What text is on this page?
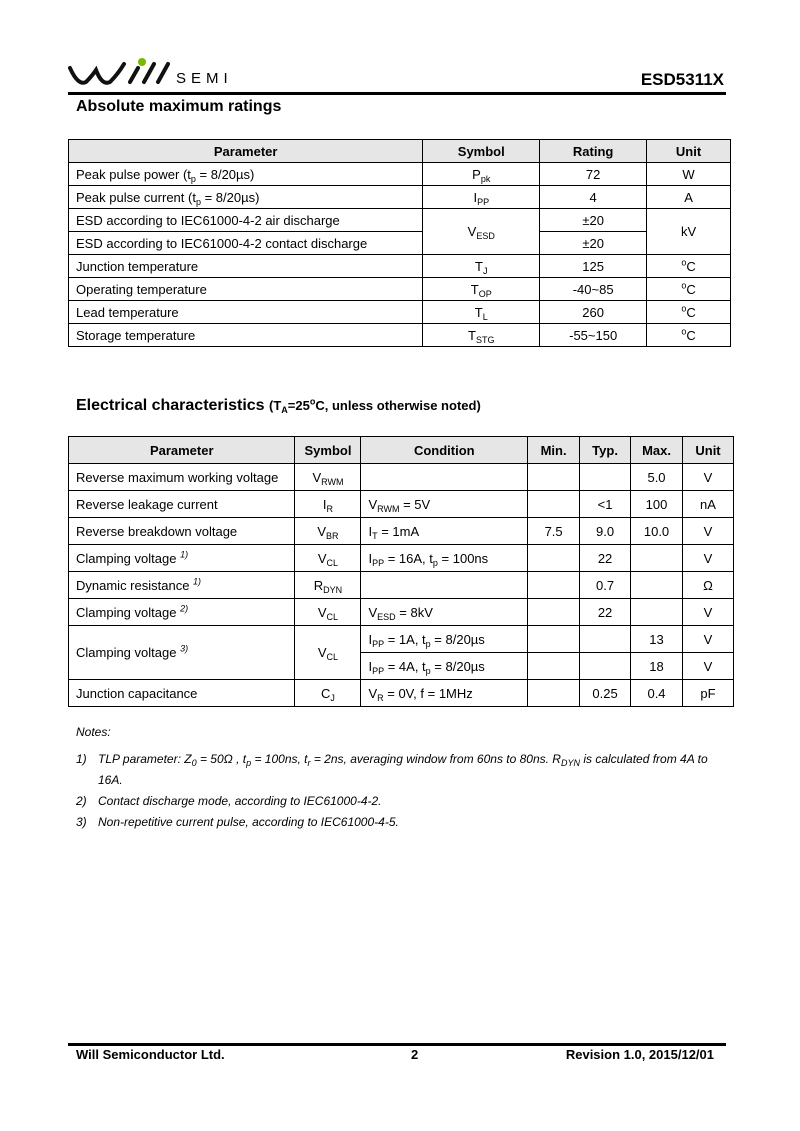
SEMI	ESD5311X
Absolute maximum ratings
Parameter	Symbol	Rating	Unit
Peak pulse power $(t_p = 8/20\mu s)$	$P_{pk}$	72	W
Peak pulse current $(t_p = 8/20\mu s)$	$I_{PP}$	4	A
ESD according to IEC61000-4-2 air discharge	$V_{ESD}$	±20	kV
ESD according to IEC61000-4-2 contact discharge		±20	
Junction temperature	$T_J$	125	$^o$C
Operating temperature	$T_{OP}$	-40~85	$^o$C
Lead temperature	$T_L$	260	$^o$C
Storage temperature	$T_{STG}$	-55~150	$^o$C
Electrical characteristics ($T_A=25^oC$, unless otherwise noted)
Parameter	Symbol	Condition	Min.	Typ.	Max.	Unit
Reverse maximum working voltage	$V_{RWM}$				5.0	V
Reverse leakage current	$I_R$	$V_{RWM} = 5V$		<1	100	nA
Reverse breakdown voltage	$V_{BR}$	$I_T = 1mA$	7.5	9.0	10.0	V
Clamping voltage $^{1)}$	$V_{CL}$	$I_{PP} = 16A$, $t_p = 100ns$		22		V
Dynamic resistance $^{1)}$	$R_{DYN}$			0.7		Ω
Clamping voltage $^{2)}$	$V_{CL}$	$V_{ESD} = 8kV$		22		V
Clamping voltage $^{3)}$	$V_{CL}$	$I_{PP} = 1A$, $t_p = 8/20\mu s$			13	V
		$I_{PP} = 4A$, $t_p = 8/20\mu s$			18	V
Junction capacitance	$C_J$	$V_R = 0V$, f = 1MHz		0.25	0.4	pF

Notes:

1) TLP parameter: $Z_0 = 50\Omega$ , $t_p = 100ns$, $t_r = 2ns$, averaging window from 60ns to 80ns. $R_{DYN}$ is calculated from 4A to 16A.
2) Contact discharge mode, according to IEC61000-4-2.
3) Non-repetitive current pulse, according to IEC61000-4-5.
Will Semiconductor Ltd.	2	Revision 1.0, 2015/12/01
